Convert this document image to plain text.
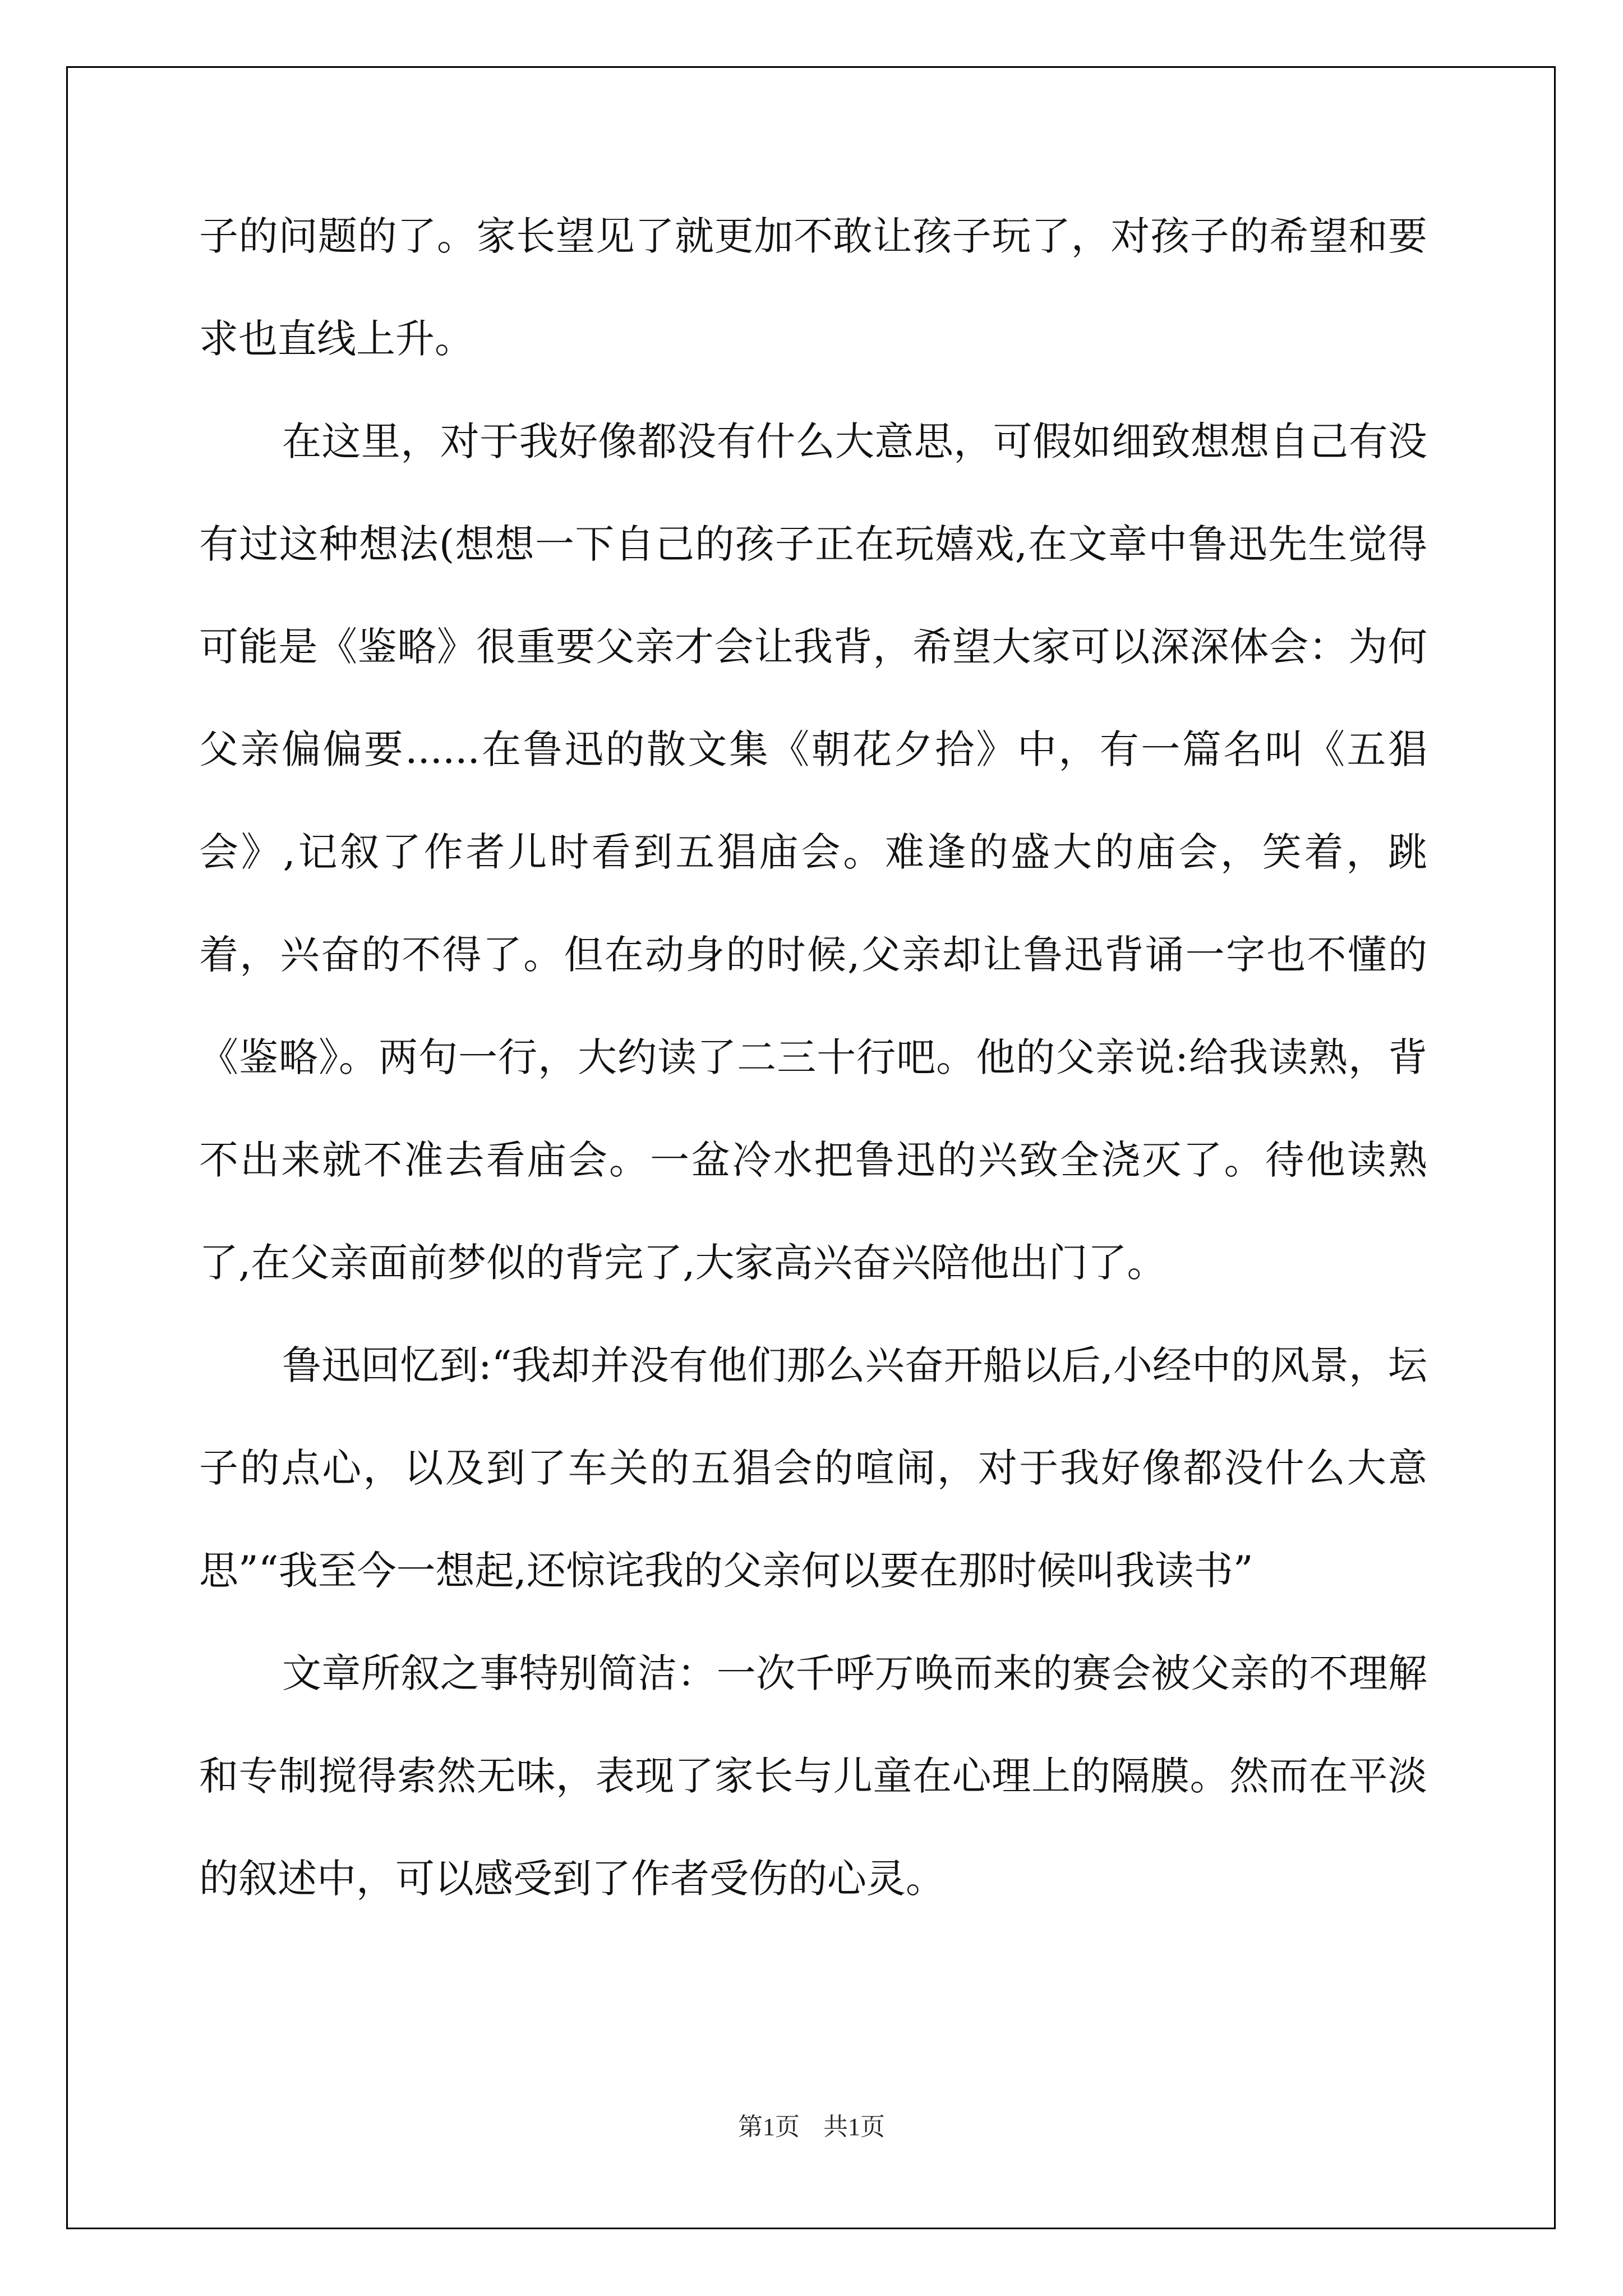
子的问题的了。家长望见了就更加不敢让孩子玩了，对孩子的希望和要求也直线上升。

在这里，对于我好像都没有什么大意思，可假如细致想想自己有没有过这种想法(想想一下自己的孩子正在玩嬉戏,在文章中鲁迅先生觉得可能是《鉴略》很重要父亲才会让我背，希望大家可以深深体会：为何父亲偏偏要......在鲁迅的散文集《朝花夕拾》中，有一篇名叫《五猖会》,记叙了作者儿时看到五猖庙会。难逢的盛大的庙会，笑着，跳着，兴奋的不得了。但在动身的时候,父亲却让鲁迅背诵一字也不懂的《鉴略》。两句一行，大约读了二三十行吧。他的父亲说:给我读熟，背不出来就不准去看庙会。一盆冷水把鲁迅的兴致全浇灭了。待他读熟了,在父亲面前梦似的背完了,大家高兴奋兴陪他出门了。

鲁迅回忆到:“我却并没有他们那么兴奋开船以后,小经中的风景，坛子的点心，以及到了车关的五猖会的喧闹，对于我好像都没什么大意思”“我至今一想起,还惊诧我的父亲何以要在那时候叫我读书”

文章所叙之事特别简洁：一次千呼万唤而来的赛会被父亲的不理解和专制搅得索然无味，表现了家长与儿童在心理上的隔膜。然而在平淡的叙述中，可以感受到了作者受伤的心灵。

第1页 共1页
